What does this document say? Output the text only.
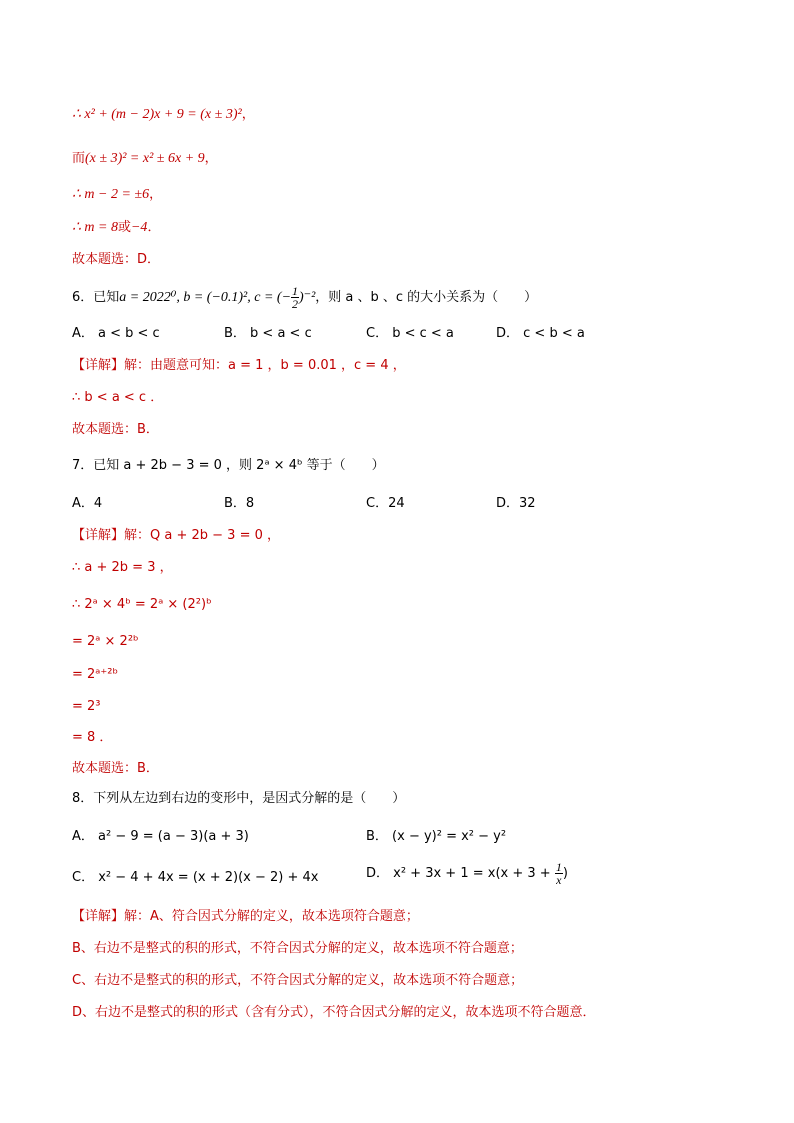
∴ x² + (m − 2)x + 9 = (x ± 3)²，
而(x ± 3)² = x² ± 6x + 9，
∴ m − 2 = ±6，
∴ m = 8或−4．
故本题选：D．
6．已知a = 2022⁰, b = (−0.1)², c = (− $\frac{1}{2} )^{-2}$，则 a 、b 、c 的大小关系为（　　）
A． a < b < c	B． b < a < c	C． b < c < a	D． c < b < a
【详解】解：由题意可知：a = 1 ，b = 0.01 ，c = 4 ，
∴ b < a < c ．
故本题选：B．
7．已知 a + 2b − 3 = 0 ，则 2ᵃ × 4ᵇ 等于（　　）
A．4	B．8	C．24	D．32
【详解】解：Q a + 2b − 3 = 0 ，
∴ a + 2b = 3 ，
∴ 2ᵃ × 4ᵇ = 2ᵃ × (2²)ᵇ
= 2ᵃ × 2²ᵇ
= 2ᵃ⁺²ᵇ
= 2³
= 8 ．
故本题选：B．
8．下列从左边到右边的变形中，是因式分解的是（　　）
A． a² − 9 = (a − 3)(a + 3)	B． (x − y)² = x² − y²
C． x² − 4 + 4x = (x + 2)(x − 2) + 4x	D． $x^2 + 3x + 1 = x(x + 3 + \frac{1}{x}$ )
【详解】解：A、符合因式分解的定义，故本选项符合题意；
B、右边不是整式的积的形式，不符合因式分解的定义，故本选项不符合题意；
C、右边不是整式的积的形式，不符合因式分解的定义，故本选项不符合题意；
D、右边不是整式的积的形式（含有分式），不符合因式分解的定义，故本选项不符合题意．
